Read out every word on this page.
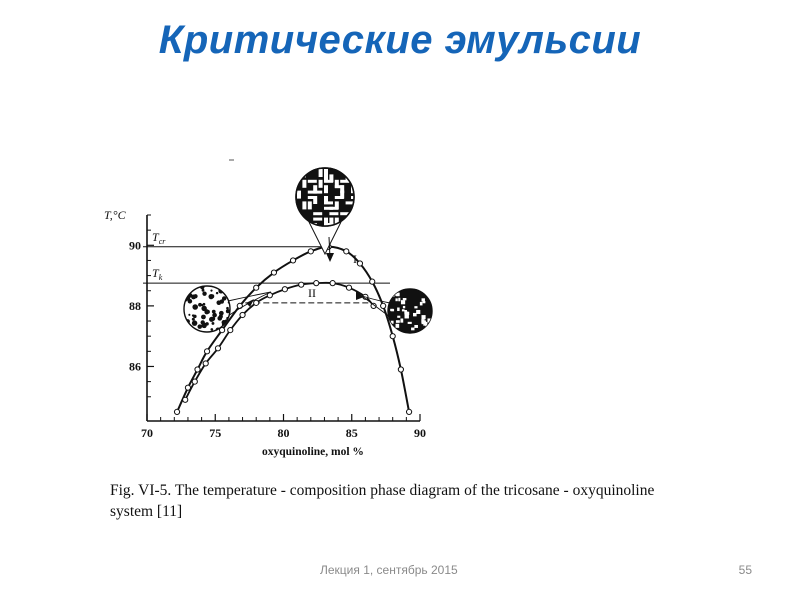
Критические эмульсии
70	75	80	85	90
86
88
90
$T_{cr}$
$T_k$
T,°C
oxyquinoline, mol %
I
II
Fig. VI-5. The temperature - composition phase diagram of the tricosane - oxyquinoline system [11]
Лекция 1, сентябрь 2015	55
